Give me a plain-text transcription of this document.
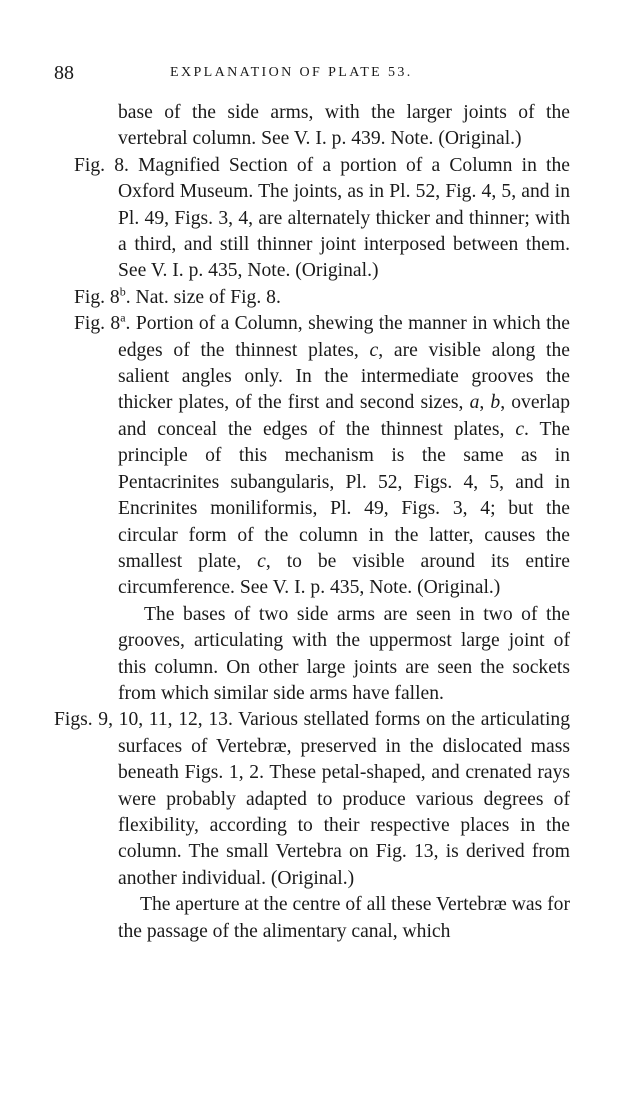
88	EXPLANATION OF PLATE 53.

base of the side arms, with the larger joints of the vertebral column. See V. I. p. 439. Note. (Original.)

Fig. 8. Magnified Section of a portion of a Column in the Oxford Museum. The joints, as in Pl. 52, Fig. 4, 5, and in Pl. 49, Figs. 3, 4, are alternately thicker and thinner; with a third, and still thinner joint interposed between them. See V. I. p. 435, Note. (Original.)

Fig. 8$^b$. Nat. size of Fig. 8.

Fig. 8$^a$. Portion of a Column, shewing the manner in which the edges of the thinnest plates, c, are visible along the salient angles only. In the intermediate grooves the thicker plates, of the first and second sizes, a, b, overlap and conceal the edges of the thinnest plates, c. The principle of this mechanism is the same as in Pentacrinites subangularis, Pl. 52, Figs. 4, 5, and in Encrinites moniliformis, Pl. 49, Figs. 3, 4; but the circular form of the column in the latter, causes the smallest plate, c, to be visible around its entire circumference. See V. I. p. 435, Note. (Original.)

The bases of two side arms are seen in two of the grooves, articulating with the uppermost large joint of this column. On other large joints are seen the sockets from which similar side arms have fallen.

Figs. 9, 10, 11, 12, 13. Various stellated forms on the articulating surfaces of Vertebræ, preserved in the dislocated mass beneath Figs. 1, 2. These petal-shaped, and crenated rays were probably adapted to produce various degrees of flexibility, according to their respective places in the column. The small Vertebra on Fig. 13, is derived from another individual. (Original.)

The aperture at the centre of all these Vertebræ was for the passage of the alimentary canal, which
